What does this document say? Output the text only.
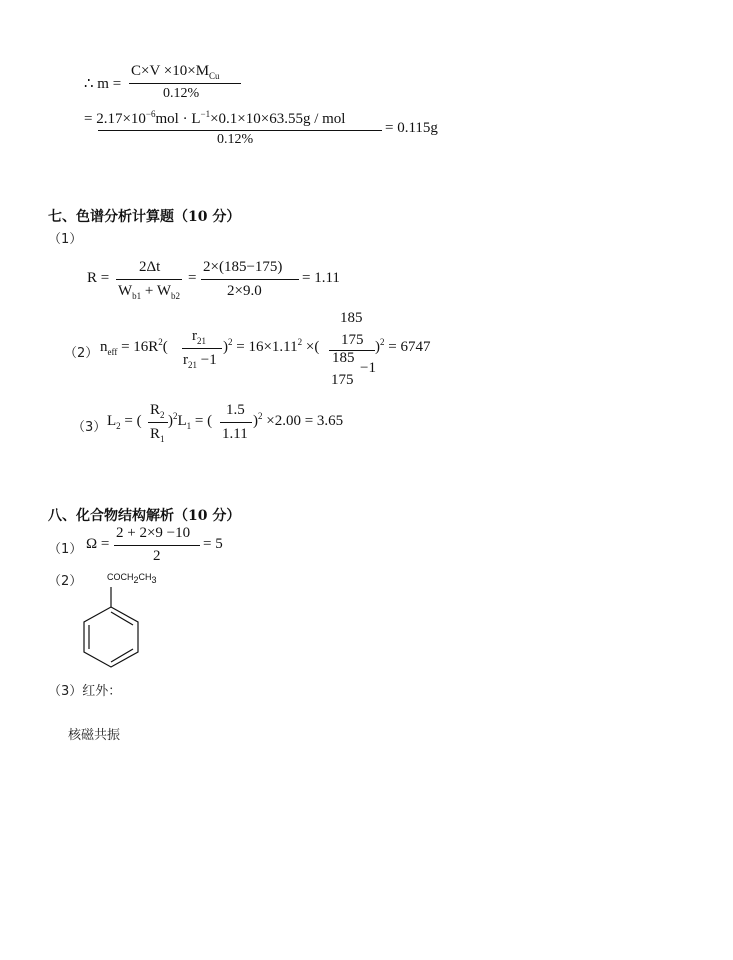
∴ m =
$C\times V \times 10\times M_{Cu}$
0.12%
= $2.17\times 10^{-6}mol \cdot L^{-1}\times 0.1\times 10\times 63.55g$ / mol
0.12%
= 0.115g
七、色谱分析计算题（10 分）
（1）
R =
2Δt
$W_{b1} + W_{b2}$
=
2×(185−175)
2×9.0
= 1.11
（2） $n_{eff} = 16R^2$(
$r_{21}$
$r_{21} -1$
)$^2 = 16\times 1.11^2$ ×(
185
175
185
−1
175
)$^2$ = 6747
（3） $L_2$ = (
$R_2$
$R_1$
)$^2L_1$ = (
1.5
1.11
)$^2$ ×2.00 = 3.65
八、化合物结构解析（10 分）
（1） Ω =
2 + 2×9 −10
2
= 5
（2）	$COCH_2CH_3$
（3）红外：
核磁共振
